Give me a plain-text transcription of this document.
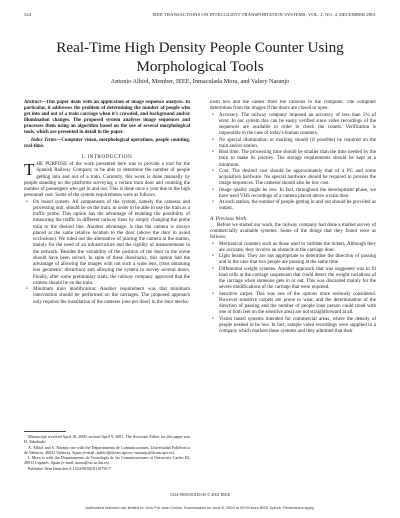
324	IEEE TRANSACTIONS ON INTELLIGENT TRANSPORTATION SYSTEMS, VOL. 2, NO. 4, DECEMBER 2001
Real-Time High Density People Counter Using Morphological Tools
Antonio Albiol, Member, IEEE, Inmaculada Mora, and Valery Naranjo

Abstract—This paper deals with an application of image sequence analysis. In particular, it addresses the problem of determining the number of people who get into and out of a train carriage when it's crowded, and background and/or illumination changes. The proposed system analyses image sequences and processes them using an algorithm based on the use of several morphological tools, which are presented in detail in the paper.

Index Terms—Computer vision, morphological operations, people counting, real-time.

I. INTRODUCTION

THE PURPOSE of the work presented here was to provide a tool for the Spanish Railway Company to be able to determine the number of people getting into and out of a train. Currently, this work is done manually by people standing on the platforms surveying a certain train door and counting the number of passengers who get in and out. This is done once a year due to the high personnel cost. Some of the system requirements were as follows.

• On board system. All components of the system, namely the cameras and processing unit, should be on the train, in order to be able to use the train as a traffic probe. This option has the advantage of enabling the possibility of measuring the traffic in different railway lines by simply changing the probe train to the desired line. Another advantage, is that the camera is always placed at the same relative location to the door (above the door to avoid occlusions). We ruled out the alternative of placing the camera at the station, mainly for the need of an infrastructure and the rigidity of measurements in the network. Besides the variability of the position of the door in the scene should have been solved. In spite of these drawbacks, this option had the advantage of allowing the images with not such a wide lens, (thus obtaining less geometric distortion) and allowing the system to survey several doors. Finally, after some preliminary trials, the railway company approved that the camera should be on the train.
• Minimum train modification: Another requirement was that minimum intervention should be performed on the carriages. The proposed approach only requires the installation of the cameras (one per door) in the door mecha-

Manuscript received April 10, 2000; revised April 9, 2001. The Associate Editor for this paper was H. Takahashi.

A. Albiol and V. Naranjo are with the Departamento de Comunicaciones, Universidad Politécnica de Valencia, 46022 Valencia, Spain (e-mail: alabiol@dcom.upv.es; vnaranjo@dcom.upv.es).

I. Mora is with the Departamento de Tecnología de las Comunicaciones at University Carlos III, 28911 Leganés, Spain (e-mail: imora@tsc.uc3m.es).

Publisher Item Identifier S 1524-9050(01)10750-7.

nism box and the cables from the cameras to the computer. The computer determines from the images if the doors are closed or open.

• Accuracy. The railway company imposed an accuracy of less than 5% of error. In our system this can be easily verified since video recordings of the sequences are available in order to check the counts. Verification is impossible in the case of today's human counters.
• No special illumination or marking should (if possible) be required on the train and/or station.
• Real time. The processing time should be smaller than the time needed by the train to make its journey. The storage requirements should be kept at a minimum.
• Cost. The desired cost should be approximately that of a PC and some acquisition hardware. No special hardware should be required to process the image sequences. The cameras should also be low cost.
• Image quality might be low. In fact, throughout the development phase, we have used VHS recordings of a camera placed above a train door.
• At each station, the number of people getting in and out should be provided as output.

A. Previous Work

Before we started our work, the railway company had done a market survey of commercially available systems. Some of the things that they found were as follows:

• Mechanical counters such as those used to validate the tickets. Although they are accurate, they involve an obstacle at the carriage door.
• Light beams. They are not appropriate to determine the direction of passing and in the case that two people are passing at the same time.
• Differential weight systems. Another approach that was suggested was to fit load cells at the carriage suspension that could detect the weight variations of the carriage when someone gets in or out. This was discarded mainly for the severe modifications of the carriage that were required.
• Sensitive carpet. This was one of the options more seriously considered. However sensitive carpets are prone to wear, and the determination of the direction of passing and the number of people (one person could tread with one or both feet on the sensitive area) are not straightforward at all.
• Vision based systems intended for commercial areas, where the density of people needed to be low. In fact, sample video recordings were supplied to a company which markets these systems and they admitted that their
1524-9050/01$10.00 © 2001 IEEE
Authorized licensed use limited to: Univ Pol Juan Carlos. Downloaded on June 8, 2009 at 09:54 from IEEE Xplore. Restrictions apply.
